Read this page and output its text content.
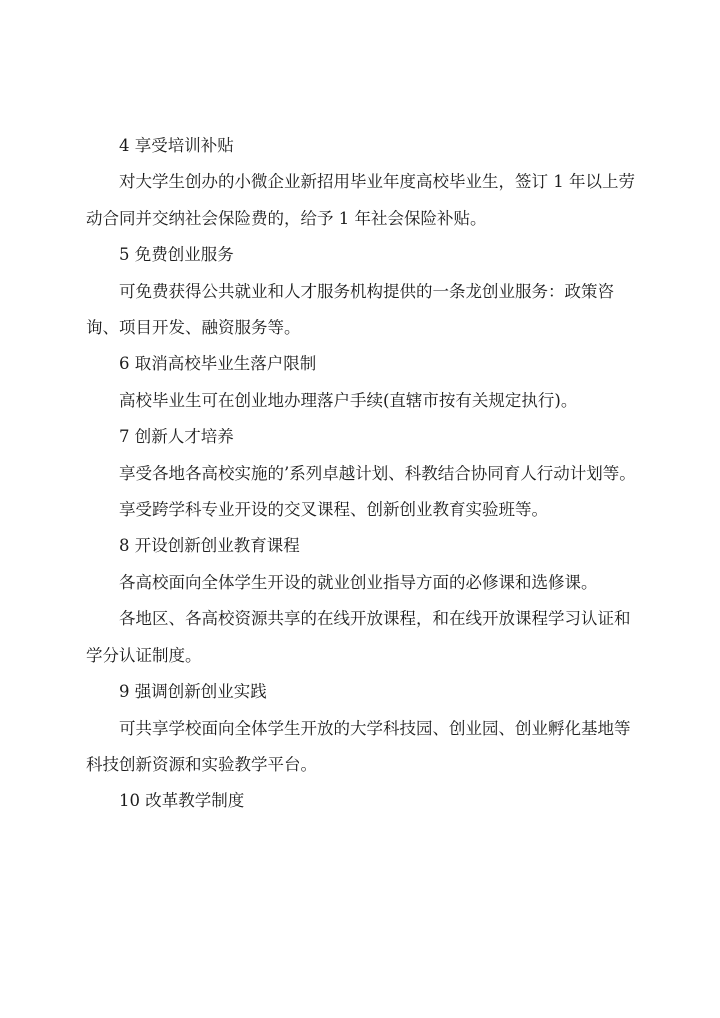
4 享受培训补贴

对大学生创办的小微企业新招用毕业年度高校毕业生，签订 1 年以上劳动合同并交纳社会保险费的，给予 1 年社会保险补贴。

5 免费创业服务

可免费获得公共就业和人才服务机构提供的一条龙创业服务：政策咨询、项目开发、融资服务等。

6 取消高校毕业生落户限制

高校毕业生可在创业地办理落户手续(直辖市按有关规定执行)。

7 创新人才培养

享受各地各高校实施的’系列卓越计划、科教结合协同育人行动计划等。

享受跨学科专业开设的交叉课程、创新创业教育实验班等。

8 开设创新创业教育课程

各高校面向全体学生开设的就业创业指导方面的必修课和选修课。

各地区、各高校资源共享的在线开放课程，和在线开放课程学习认证和学分认证制度。

9 强调创新创业实践

可共享学校面向全体学生开放的大学科技园、创业园、创业孵化基地等科技创新资源和实验教学平台。

10 改革教学制度
